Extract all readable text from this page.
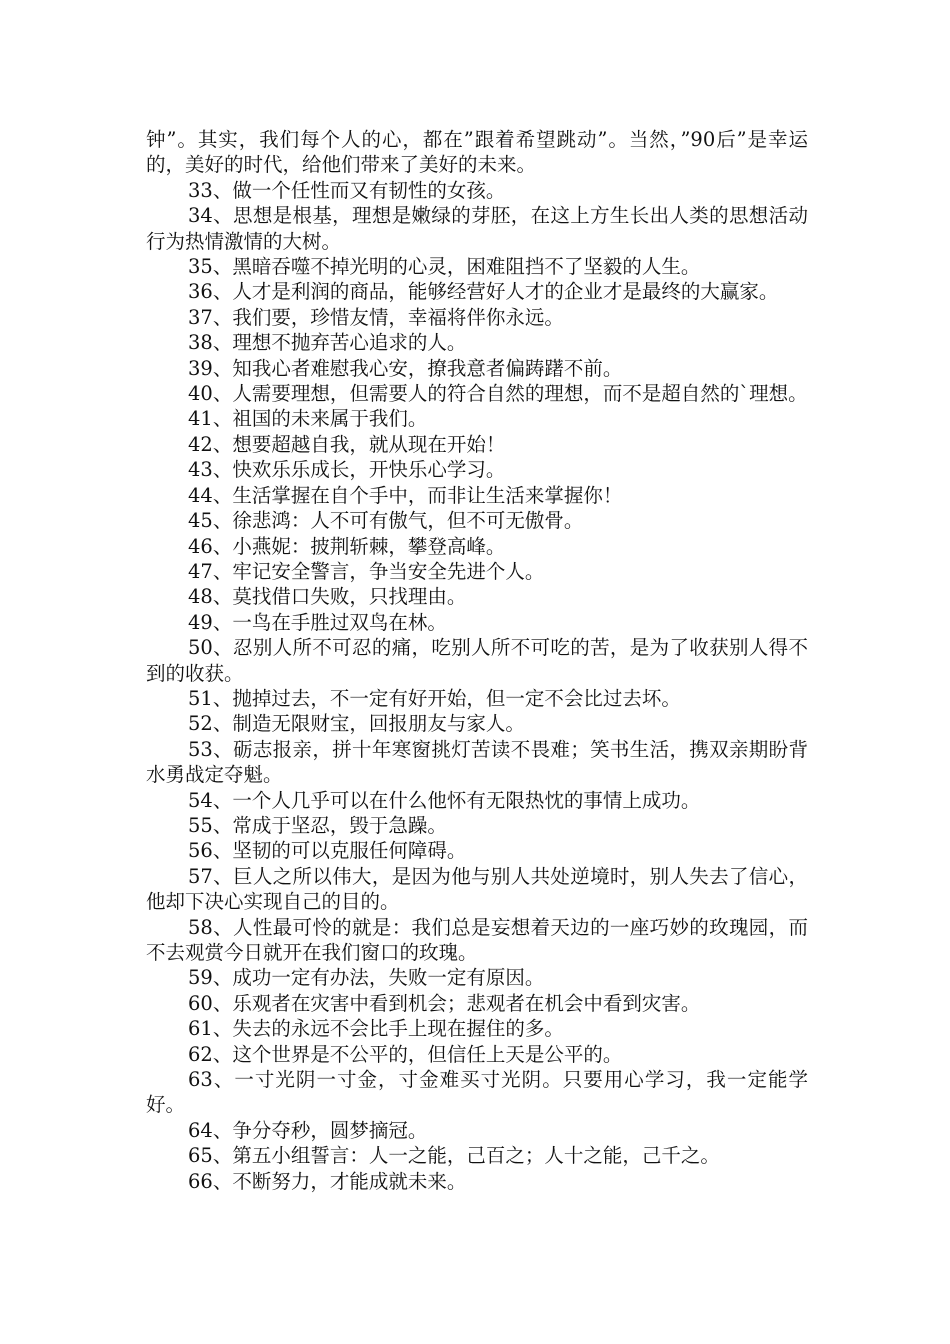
钟”。其实，我们每个人的心，都在”跟着希望跳动”。当然，”90后”是幸运的，美好的时代，给他们带来了美好的未来。

33、做一个任性而又有韧性的女孩。

34、思想是根基，理想是嫩绿的芽胚，在这上方生长出人类的思想活动行为热情激情的大树。

35、黑暗吞噬不掉光明的心灵，困难阻挡不了坚毅的人生。

36、人才是利润的商品，能够经营好人才的企业才是最终的大赢家。

37、我们要，珍惜友情，幸福将伴你永远。

38、理想不抛弃苦心追求的人。

39、知我心者难慰我心安，撩我意者偏踌躇不前。

40、人需要理想，但需要人的符合自然的理想，而不是超自然的`理想。

41、祖国的未来属于我们。

42、想要超越自我，就从现在开始！

43、快欢乐乐成长，开快乐心学习。

44、生活掌握在自个手中，而非让生活来掌握你！

45、徐悲鸿：人不可有傲气，但不可无傲骨。

46、小燕妮：披荆斩棘，攀登高峰。

47、牢记安全警言，争当安全先进个人。

48、莫找借口失败，只找理由。

49、一鸟在手胜过双鸟在林。

50、忍别人所不可忍的痛，吃别人所不可吃的苦，是为了收获别人得不到的收获。

51、抛掉过去，不一定有好开始，但一定不会比过去坏。

52、制造无限财宝，回报朋友与家人。

53、砺志报亲，拼十年寒窗挑灯苦读不畏难；笑书生活，携双亲期盼背水勇战定夺魁。

54、一个人几乎可以在什么他怀有无限热忱的事情上成功。

55、常成于坚忍，毁于急躁。

56、坚韧的可以克服任何障碍。

57、巨人之所以伟大，是因为他与别人共处逆境时，别人失去了信心，他却下决心实现自己的目的。

58、人性最可怜的就是：我们总是妄想着天边的一座巧妙的玫瑰园，而不去观赏今日就开在我们窗口的玫瑰。

59、成功一定有办法，失败一定有原因。

60、乐观者在灾害中看到机会；悲观者在机会中看到灾害。

61、失去的永远不会比手上现在握住的多。

62、这个世界是不公平的，但信任上天是公平的。

63、一寸光阴一寸金，寸金难买寸光阴。只要用心学习，我一定能学好。

64、争分夺秒，圆梦摘冠。

65、第五小组誓言：人一之能，己百之；人十之能，己千之。

66、不断努力，才能成就未来。
